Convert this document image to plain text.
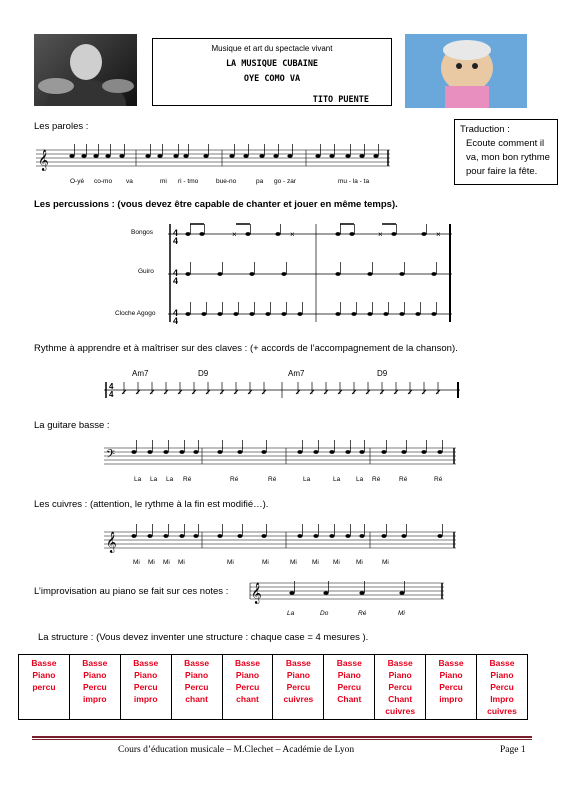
Musique et art du spectacle vivant
LA MUSIQUE CUBAINE
OYE COMO VA
TITO PUENTE
Les paroles :	Traduction :
Ecoute comment il va, mon bon rythme pour faire la fête.
𝄞
O-yé co-mo va	mi ri - tmo	bue-no	pa go - zar	mu - la - ta
Les percussions : (vous devez être capable de chanter et jouer en même temps).
Bongos
Guiro
Cloche Agogo
4
4
4
4
4
4
×	×	×	×
Rythme à apprendre et à maîtriser sur des claves : (+ accords de l’accompagnement de la chanson).
Am7	D9	Am7	D9
4
4
La guitare basse :
𝄢
La La La Ré	Ré	Ré	La	La La Ré	Ré	Ré
Les cuivres : (attention, le rythme à la fin est modifié…).
𝄞
Mi Mi Mi Mi	Mi	Mi	Mi Mi Mi Mi	Mi
L’improvisation au piano se fait sur ces notes : 𝄞
La	Do	Ré	Mi
La structure : (Vous devez inventer une structure : chaque case = 4 mesures ).
Basse
Piano
percu

Basse
Piano
Percu
impro

Basse
Piano
Percu
impro

Basse
Piano
Percu
chant

Basse
Piano
Percu
chant

Basse
Piano
Percu
cuivres

Basse
Piano
Percu
Chant

Basse
Piano
Percu
Chant
cuivres

Basse
Piano
Percu
impro

Basse
Piano
Percu
Impro
cuivres
Cours d’éducation musicale – M.Clechet – Académie de Lyon	Page 1
